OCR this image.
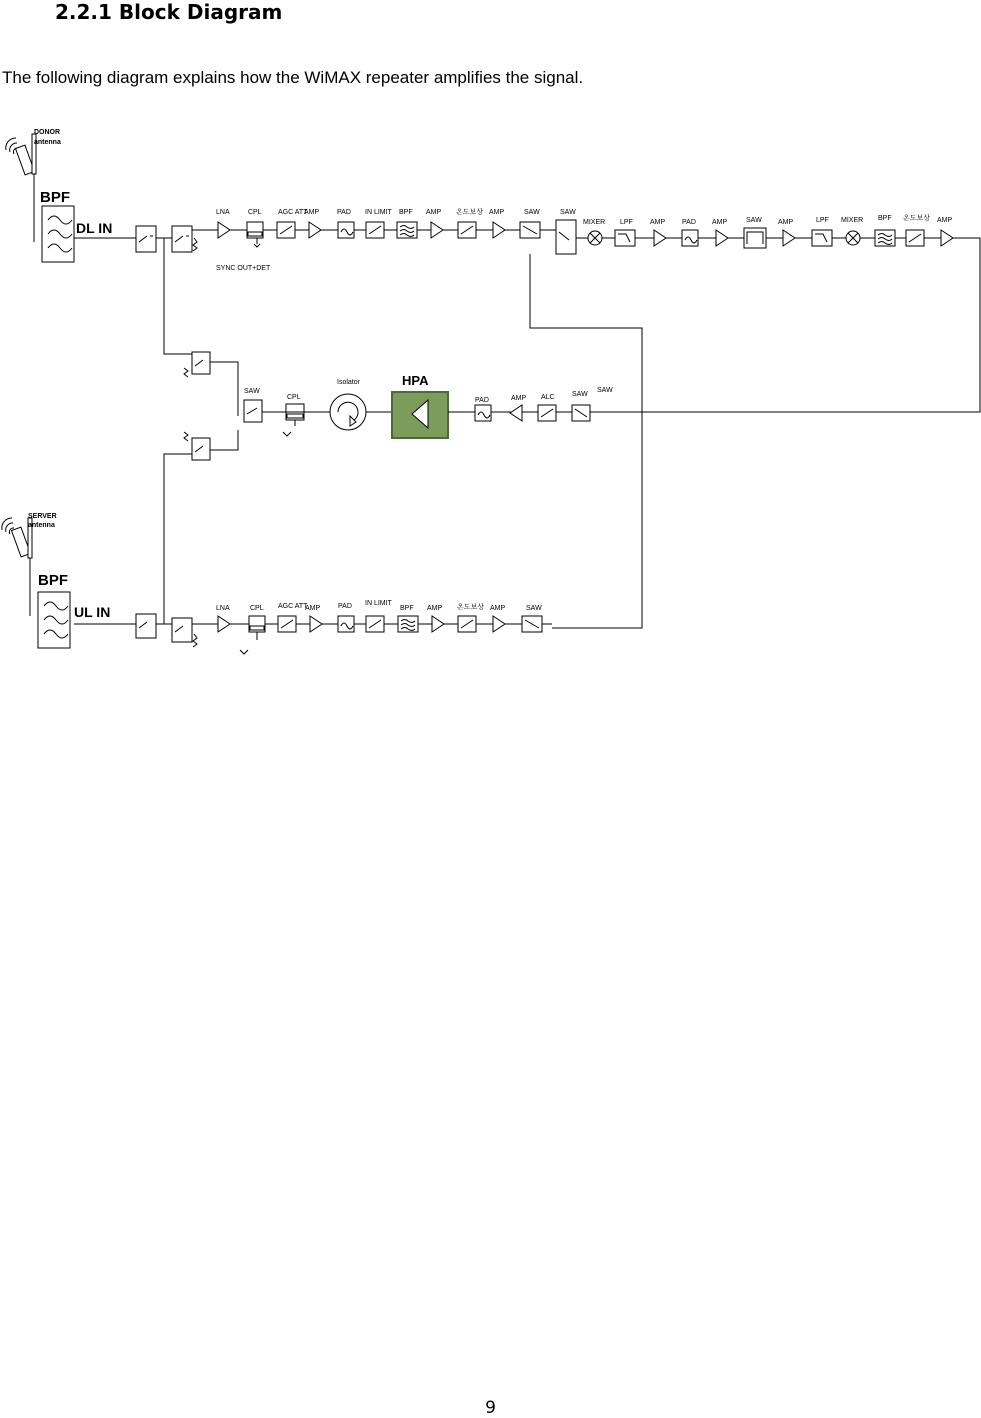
2.2.1 Block Diagram

The following diagram explains how the WiMAX repeater amplifies the signal.

DONOR
antenna
BPF
DL IN
LNA	CPL AGC ATT
AMP	PAD IN LIMIT BPF AMP 온도보상 AMP	SAW	SAW
MIXER LPF AMP PAD AMP	SAW AMP	LPF MIXER BPF 온도보상 AMP
SYNC OUT+DET
SAW
CPL
Isolator	HPA
PAD	AMP ALC SAW
SAW
SERVER
antenna
BPF
UL IN	LNA	CPL AGC ATT
AMP	PAD IN LIMIT
BPF AMP 온도보상 AMP	SAW
9
